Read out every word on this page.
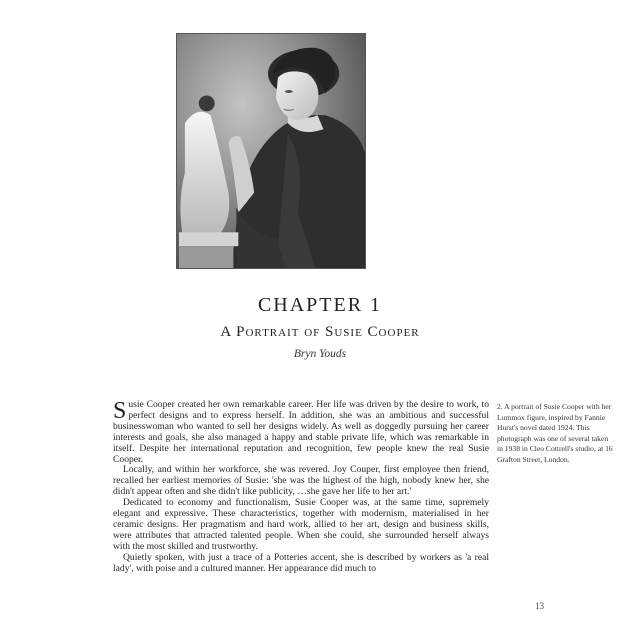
CHAPTER 1
A Portrait of Susie Cooper
Bryn Youds

Susie Cooper created her own remarkable career. Her life was driven by the desire to work, to perfect designs and to express herself. In addition, she was an ambitious and successful businesswoman who wanted to sell her designs widely. As well as doggedly pursuing her career interests and goals, she also managed a happy and stable private life, which was remarkable in itself. Despite her international reputation and recognition, few people knew the real Susie Cooper.

Locally, and within her workforce, she was revered. Joy Couper, first employee then friend, recalled her earliest memories of Susie: 'she was the highest of the high, nobody knew her, she didn't appear often and she didn't like publicity, …she gave her life to her art.'

Dedicated to economy and functionalism, Susie Cooper was, at the same time, supremely elegant and expressive. These characteristics, together with modernism, materialised in her ceramic designs. Her pragmatism and hard work, allied to her art, design and business skills, were attributes that attracted talented people. When she could, she surrounded herself always with the most skilled and trustworthy.

Quietly spoken, with just a trace of a Potteries accent, she is described by workers as 'a real lady', with poise and a cultured manner. Her appearance did much to

2. A portrait of Susie Cooper with her Lummox figure, inspired by Fannie Hurst's novel dated 1924. This photograph was one of several taken in 1938 in Cleo Cottrell's studio, at 16 Grafton Street, London.
13
